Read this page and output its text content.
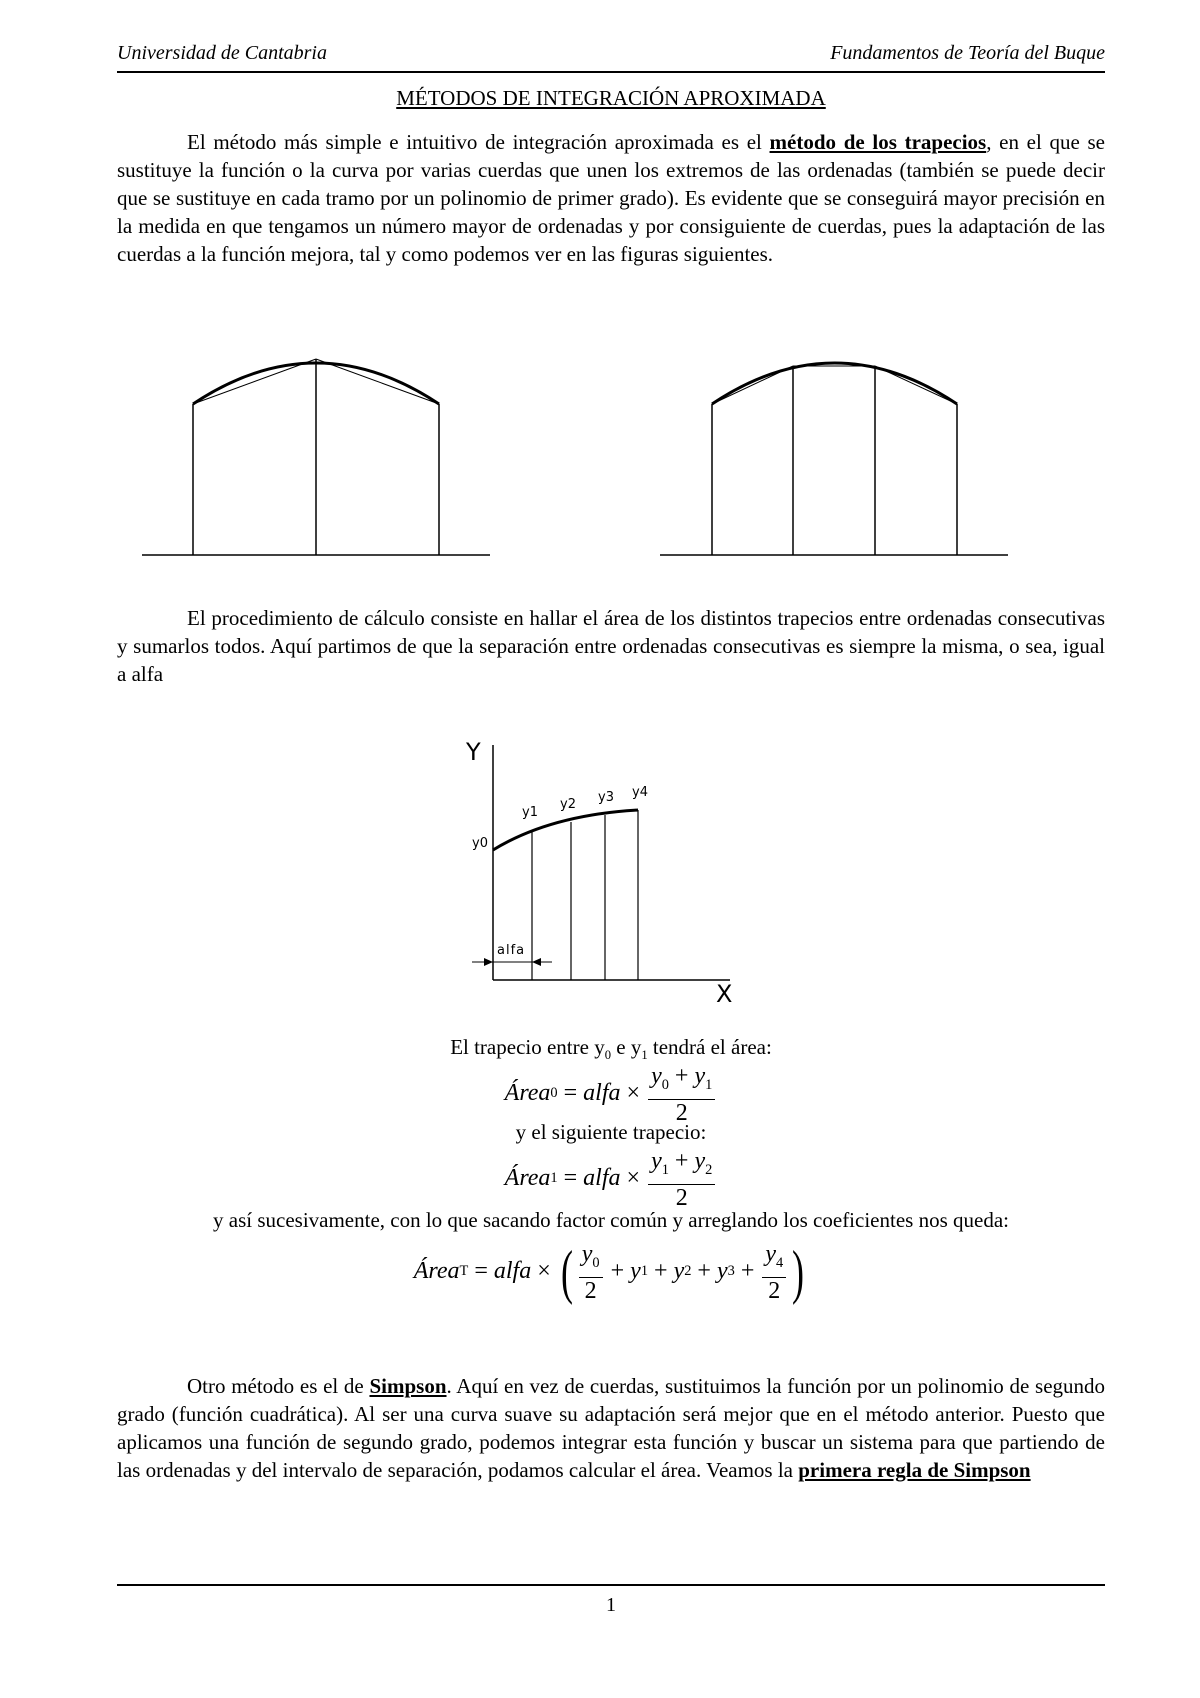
Universidad de Cantabria	Fundamentos de Teoría del Buque
MÉTODOS DE INTEGRACIÓN APROXIMADA

El método más simple e intuitivo de integración aproximada es el método de los trapecios, en el que se sustituye la función o la curva por varias cuerdas que unen los extremos de las ordenadas (también se puede decir que se sustituye en cada tramo por un polinomio de primer grado). Es evidente que se conseguirá mayor precisión en la medida en que tengamos un número mayor de ordenadas y por consiguiente de cuerdas, pues la adaptación de las cuerdas a la función mejora, tal y como podemos ver en las figuras siguientes.

El procedimiento de cálculo consiste en hallar el área de los distintos trapecios entre ordenadas consecutivas y sumarlos todos. Aquí partimos de que la separación entre ordenadas consecutivas es siempre la misma, o sea, igual a alfa

Y
X
y0
y1
y2 y3 y4
alfa
El trapecio entre $y_0$ e $y_1$ tendrá el área:
Área 0 = alfa × $\frac{y_0 + y_1}{2}$
y el siguiente trapecio:
Área 1 = alfa × $\frac{y_1 + y_2}{2}$
y así sucesivamente, con lo que sacando factor común y arreglando los coeficientes nos queda:
Área T = alfa × ( $\frac{y_0}{2} + y$ 1 + y 2 + y $3 + \frac{y_4}{2}$ )

Otro método es el de Simpson. Aquí en vez de cuerdas, sustituimos la función por un polinomio de segundo grado (función cuadrática). Al ser una curva suave su adaptación será mejor que en el método anterior. Puesto que aplicamos una función de segundo grado, podemos integrar esta función y buscar un sistema para que partiendo de las ordenadas y del intervalo de separación, podamos calcular el área. Veamos la primera regla de Simpson

1
